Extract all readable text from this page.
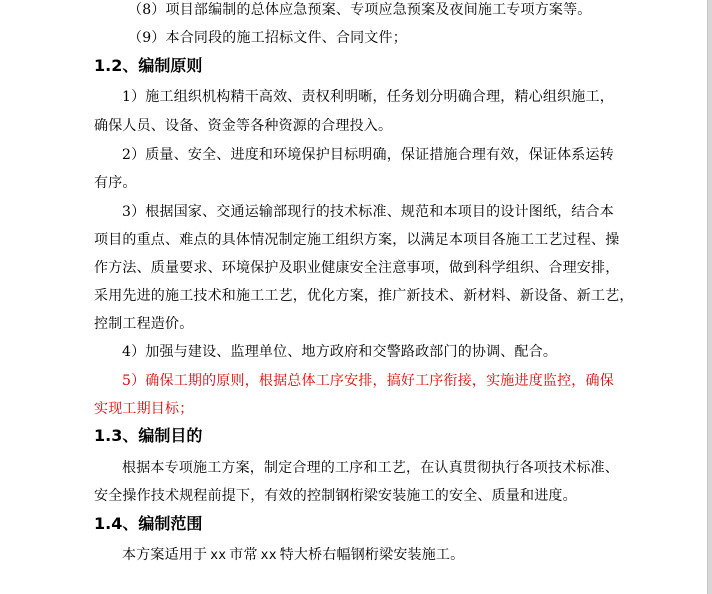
（8）项目部编制的总体应急预案、专项应急预案及夜间施工专项方案等。
（9）本合同段的施工招标文件、合同文件；
1.2、编制原则
1）施工组织机构精干高效、责权利明晰，任务划分明确合理，精心组织施工，
确保人员、设备、资金等各种资源的合理投入。
2）质量、安全、进度和环境保护目标明确，保证措施合理有效，保证体系运转
有序。
3）根据国家、交通运输部现行的技术标准、规范和本项目的设计图纸，结合本
项目的重点、难点的具体情况制定施工组织方案，以满足本项目各施工工艺过程、操
作方法、质量要求、环境保护及职业健康安全注意事项，做到科学组织、合理安排，
采用先进的施工技术和施工工艺，优化方案，推广新技术、新材料、新设备、新工艺，
控制工程造价。
4）加强与建设、监理单位、地方政府和交警路政部门的协调、配合。
5）确保工期的原则，根据总体工序安排，搞好工序衔接，实施进度监控，确保
实现工期目标；
1.3、编制目的
根据本专项施工方案，制定合理的工序和工艺，在认真贯彻执行各项技术标准、
安全操作技术规程前提下，有效的控制钢桁梁安装施工的安全、质量和进度。
1.4、编制范围
本方案适用于 xx 市常 xx 特大桥右幅钢桁梁安装施工。
